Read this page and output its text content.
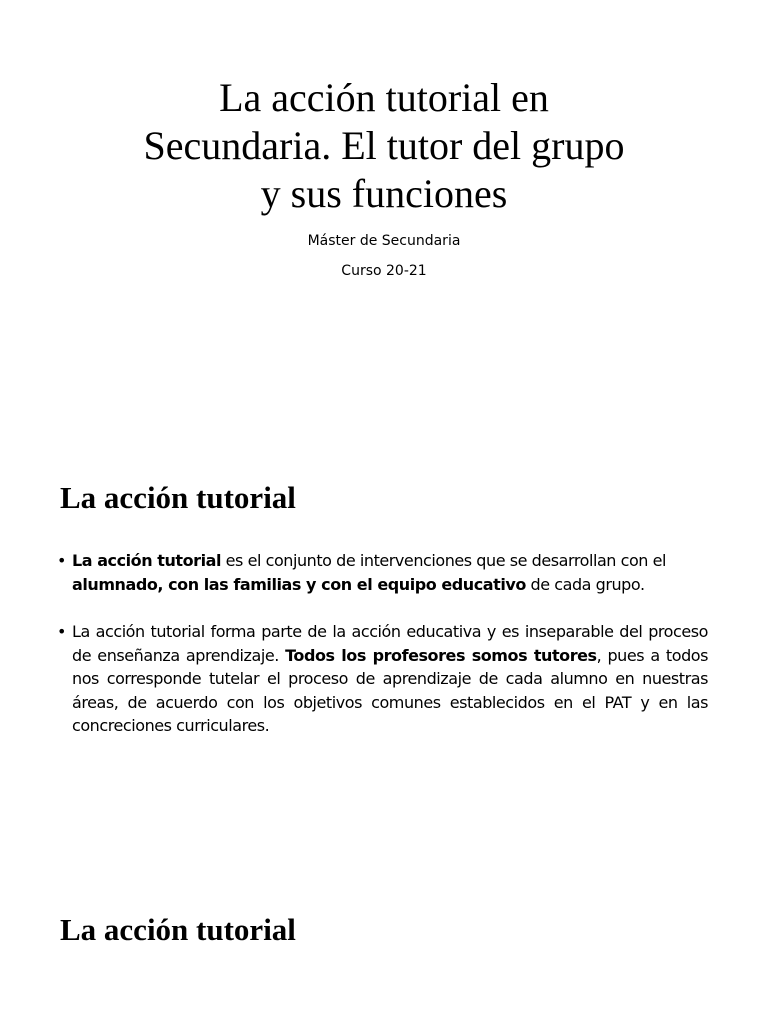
La acción tutorial en
Secundaria. El tutor del grupo
y sus funciones
Máster de Secundaria
Curso 20-21
La acción tutorial
• La acción tutorial es el conjunto de intervenciones que se desarrollan con el alumnado, con las familias y con el equipo educativo de cada grupo.
• La acción tutorial forma parte de la acción educativa y es inseparable del proceso de enseñanza aprendizaje. Todos los profesores somos tutores, pues a todos nos corresponde tutelar el proceso de aprendizaje de cada alumno en nuestras áreas, de acuerdo con los objetivos comunes establecidos en el PAT y en las concreciones curriculares.
La acción tutorial
